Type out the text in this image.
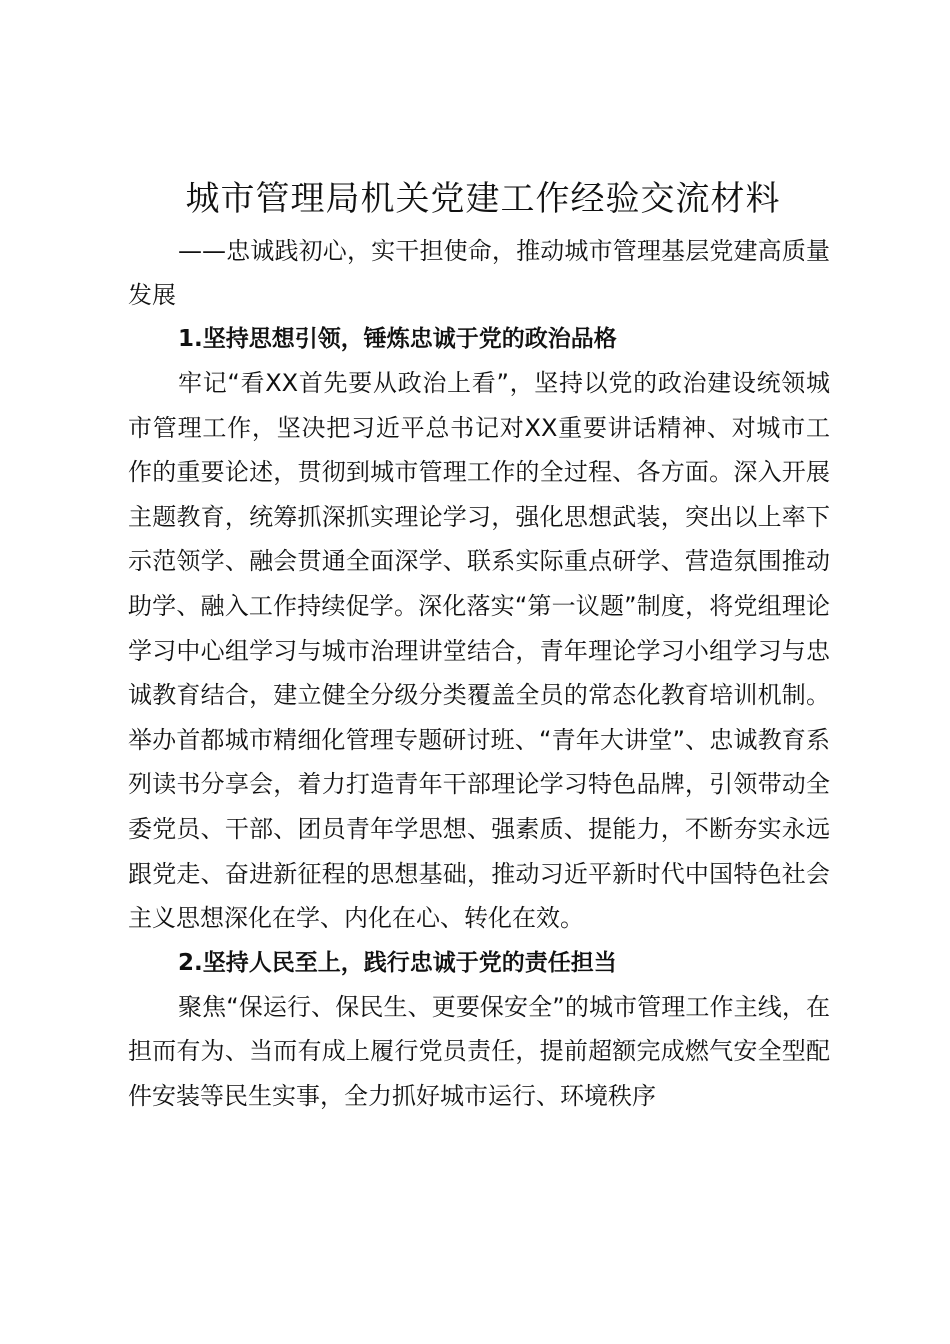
城市管理局机关党建工作经验交流材料

——忠诚践初心，实干担使命，推动城市管理基层党建高质量发展

1.坚持思想引领，锤炼忠诚于党的政治品格

牢记“看XX首先要从政治上看”，坚持以党的政治建设统领城市管理工作，坚决把习近平总书记对XX重要讲话精神、对城市工作的重要论述，贯彻到城市管理工作的全过程、各方面。深入开展主题教育，统筹抓深抓实理论学习，强化思想武装，突出以上率下示范领学、融会贯通全面深学、联系实际重点研学、营造氛围推动助学、融入工作持续促学。深化落实“第一议题”制度，将党组理论学习中心组学习与城市治理讲堂结合，青年理论学习小组学习与忠诚教育结合，建立健全分级分类覆盖全员的常态化教育培训机制。举办首都城市精细化管理专题研讨班、“青年大讲堂”、忠诚教育系列读书分享会，着力打造青年干部理论学习特色品牌，引领带动全委党员、干部、团员青年学思想、强素质、提能力，不断夯实永远跟党走、奋进新征程的思想基础，推动习近平新时代中国特色社会主义思想深化在学、内化在心、转化在效。

2.坚持人民至上，践行忠诚于党的责任担当

聚焦“保运行、保民生、更要保安全”的城市管理工作主线，在担而有为、当而有成上履行党员责任，提前超额完成燃气安全型配件安装等民生实事，全力抓好城市运行、环境秩序
